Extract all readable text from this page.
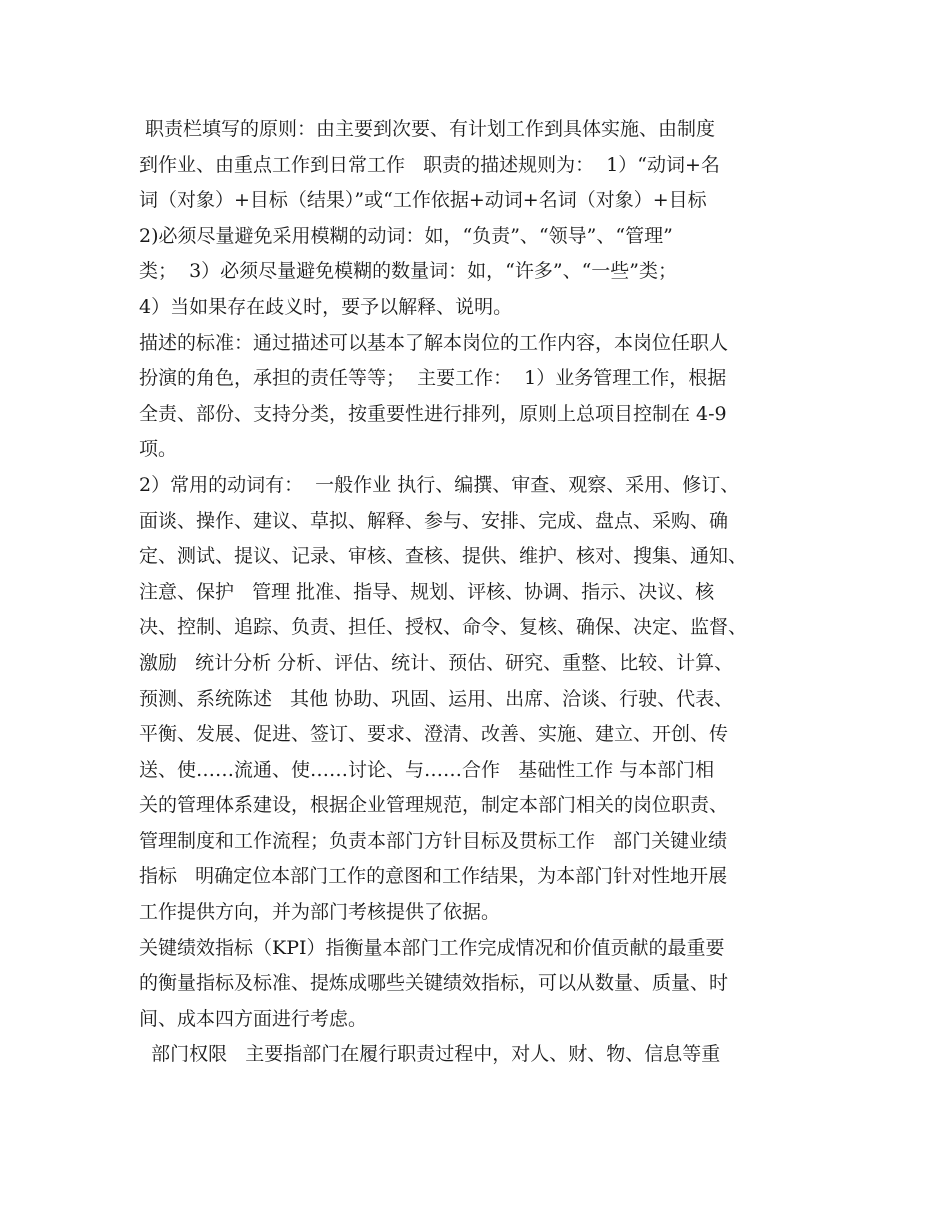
职责栏填写的原则：由主要到次要、有计划工作到具体实施、由制度
到作业、由重点工作到日常工作   职责的描述规则为：  1）“动词+名
词（对象）+目标（结果）”或“工作依据+动词+名词（对象）+目标
2)必须尽量避免采用模糊的动词：如，“负责”、“领导”、“管理”
类；  3）必须尽量避免模糊的数量词：如，“许多”、“一些”类；
4）当如果存在歧义时，要予以解释、说明。
描述的标准：通过描述可以基本了解本岗位的工作内容，本岗位任职人
扮演的角色，承担的责任等等；  主要工作：  1）业务管理工作，根据
全责、部份、支持分类，按重要性进行排列，原则上总项目控制在 4-9
项。
2）常用的动词有：  一般作业 执行、编撰、审查、观察、采用、修订、
面谈、操作、建议、草拟、解释、参与、安排、完成、盘点、采购、确
定、测试、提议、记录、审核、查核、提供、维护、核对、搜集、通知、
注意、保护   管理 批准、指导、规划、评核、协调、指示、决议、核
决、控制、追踪、负责、担任、授权、命令、复核、确保、决定、监督、
激励   统计分析 分析、评估、统计、预估、研究、重整、比较、计算、
预测、系统陈述   其他 协助、巩固、运用、出席、洽谈、行驶、代表、
平衡、发展、促进、签订、要求、澄清、改善、实施、建立、开创、传
送、使……流通、使……讨论、与……合作   基础性工作 与本部门相
关的管理体系建设，根据企业管理规范，制定本部门相关的岗位职责、
管理制度和工作流程；负责本部门方针目标及贯标工作   部门关键业绩
指标   明确定位本部门工作的意图和工作结果，为本部门针对性地开展
工作提供方向，并为部门考核提供了依据。
关键绩效指标（KPI）指衡量本部门工作完成情况和价值贡献的最重要
的衡量指标及标准、提炼成哪些关键绩效指标，可以从数量、质量、时
间、成本四方面进行考虑。
部门权限   主要指部门在履行职责过程中，对人、财、物、信息等重
